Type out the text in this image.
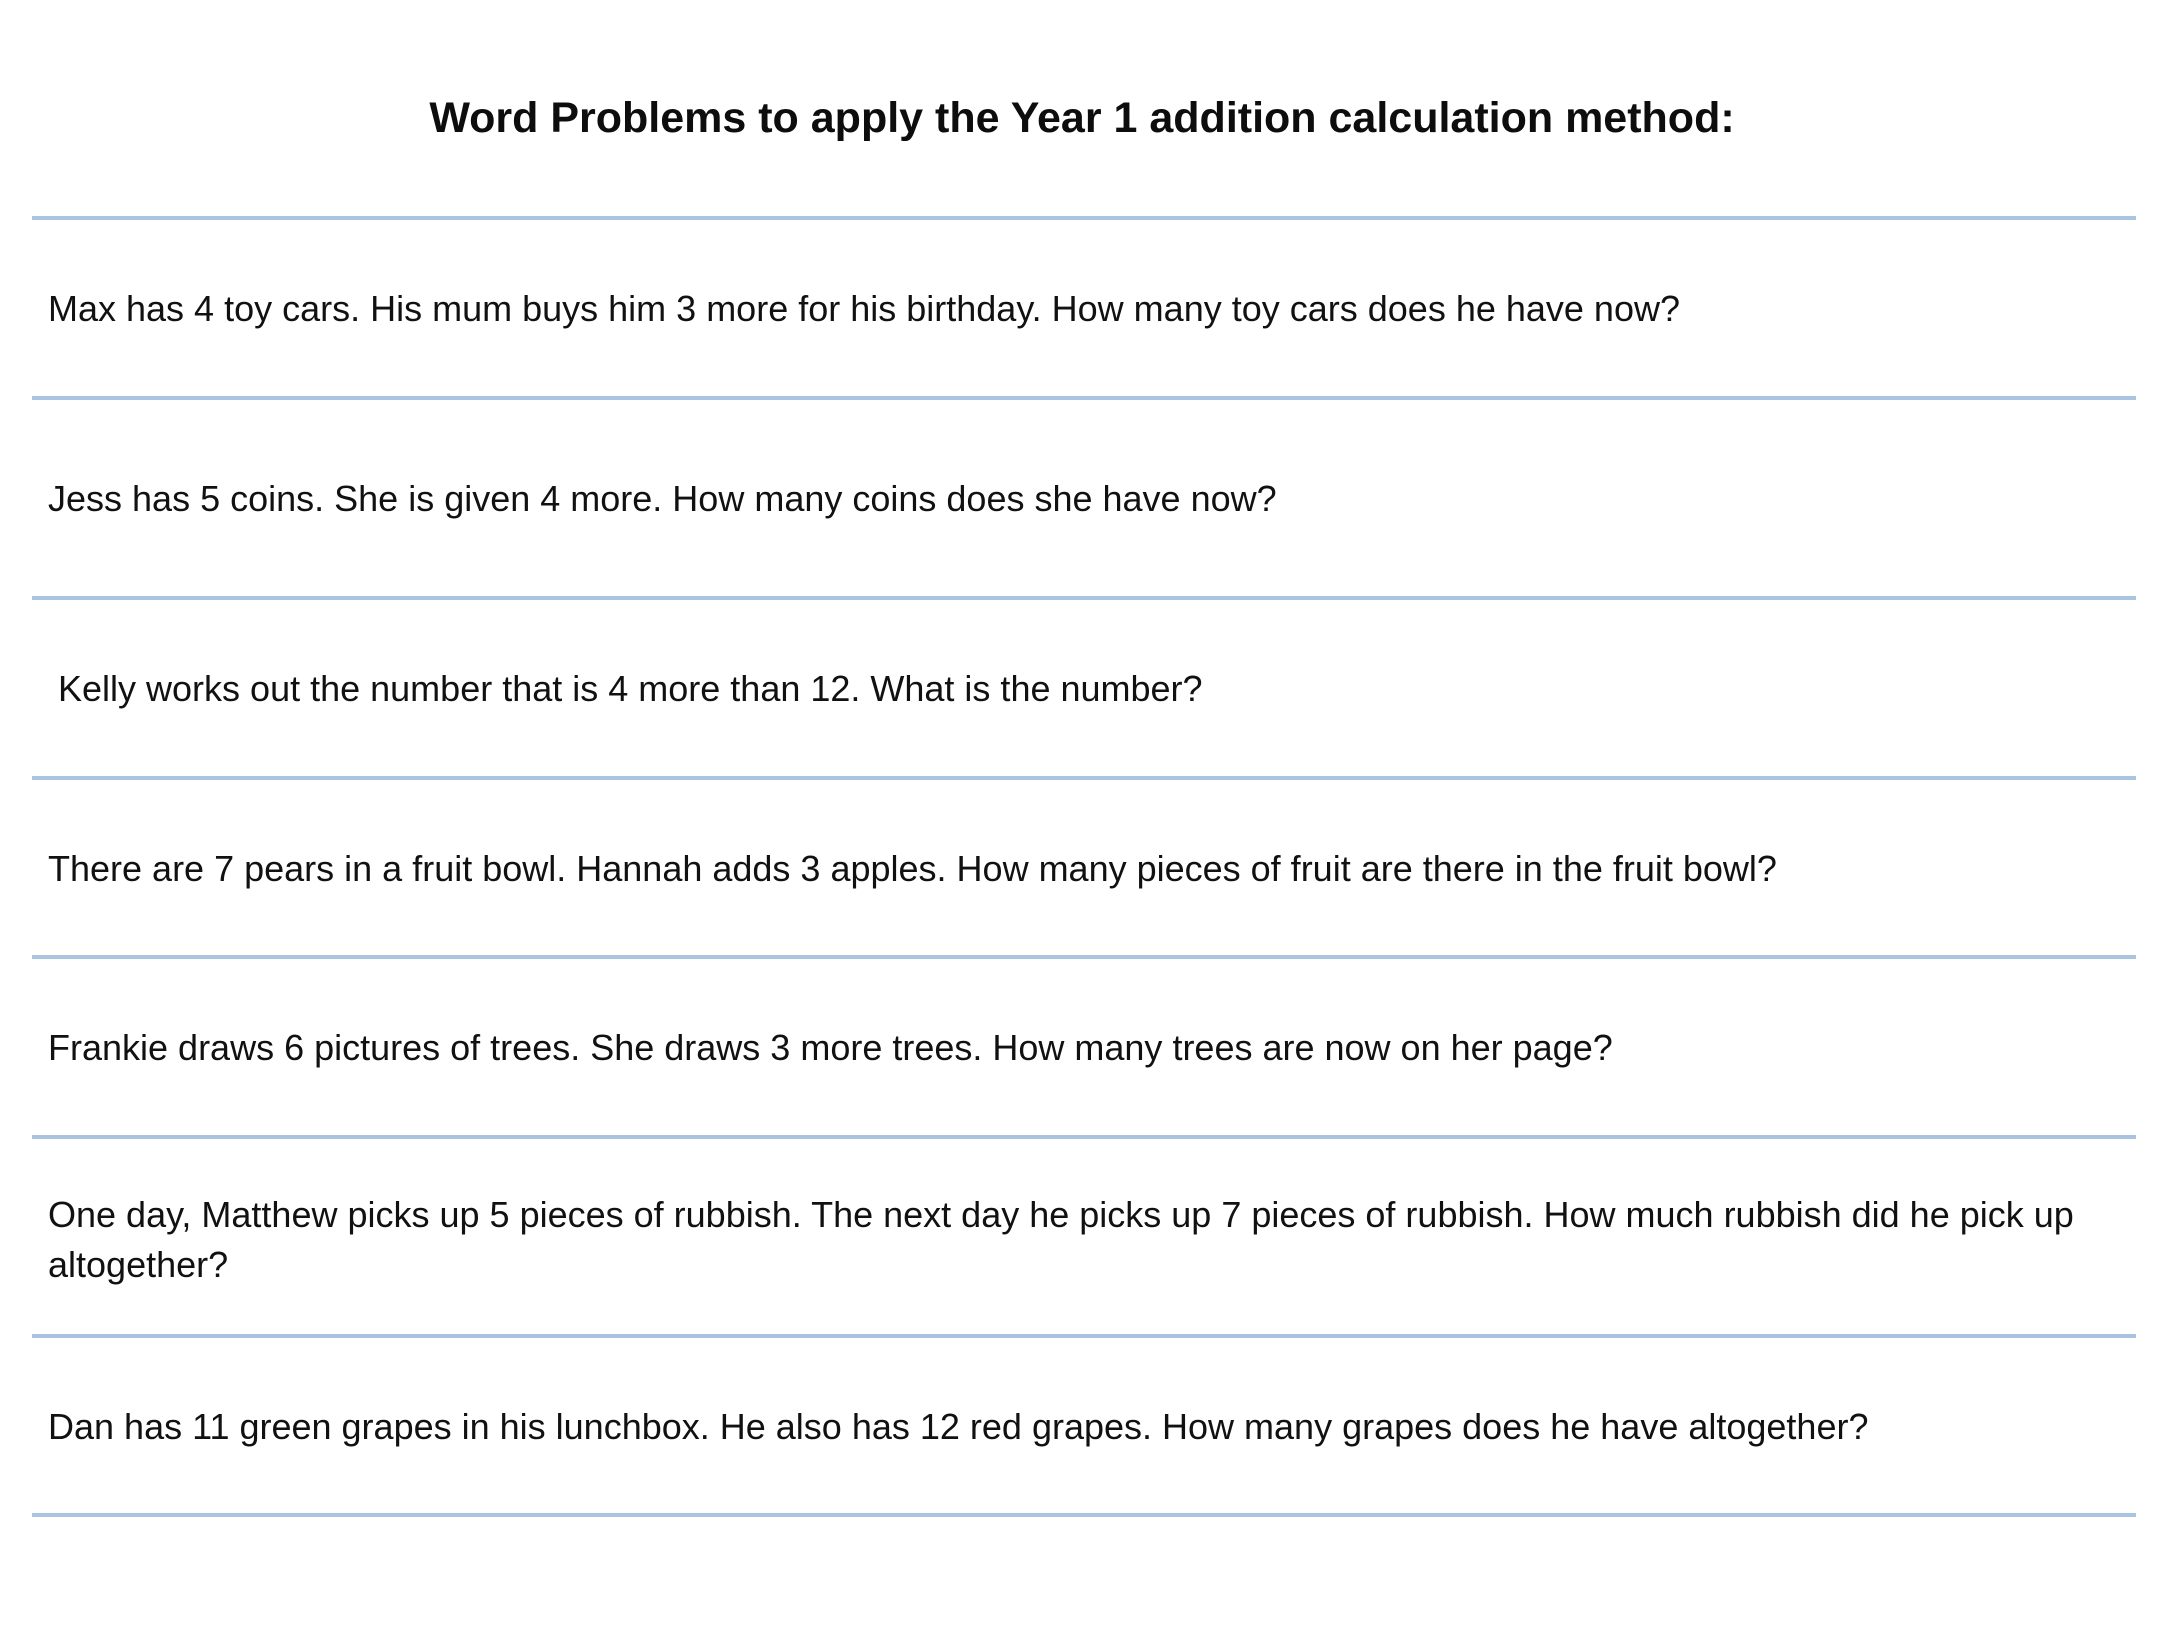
Word Problems to apply the Year 1 addition calculation method:
Max has 4 toy cars. His mum buys him 3 more for his birthday. How many toy cars does he have now?
Jess has 5 coins. She is given 4 more. How many coins does she have now?
Kelly works out the number that is 4 more than 12. What is the number?
There are 7 pears in a fruit bowl. Hannah adds 3 apples. How many pieces of fruit are there in the fruit bowl?
Frankie draws 6 pictures of trees. She draws 3 more trees. How many trees are now on her page?
One day, Matthew picks up 5 pieces of rubbish. The next day he picks up 7 pieces of rubbish. How much rubbish did he pick up altogether?
Dan has 11 green grapes in his lunchbox. He also has 12 red grapes. How many grapes does he have altogether?
